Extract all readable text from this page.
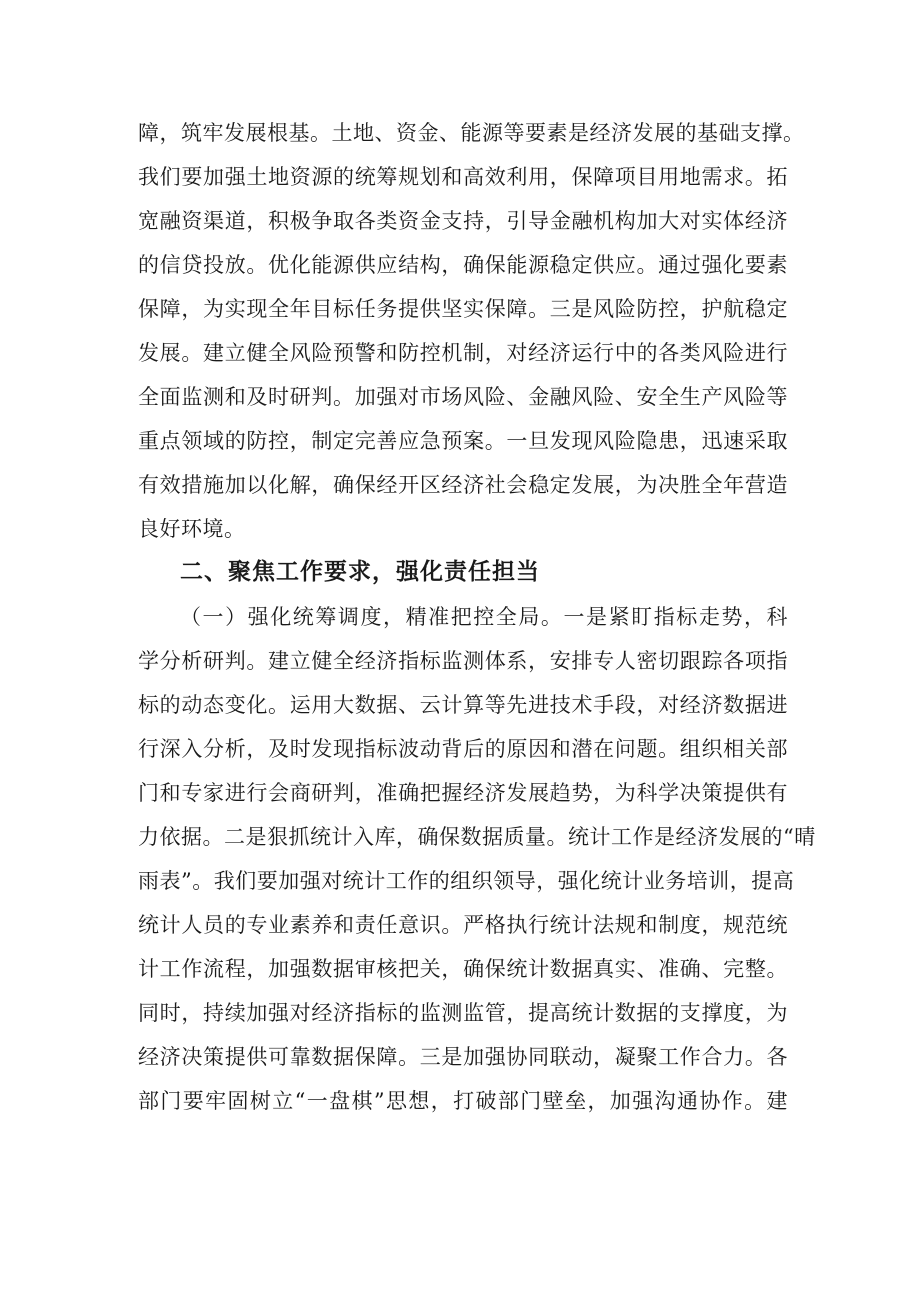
障，筑牢发展根基。土地、资金、能源等要素是经济发展的基础支撑。
我们要加强土地资源的统筹规划和高效利用，保障项目用地需求。拓
宽融资渠道，积极争取各类资金支持，引导金融机构加大对实体经济
的信贷投放。优化能源供应结构，确保能源稳定供应。通过强化要素
保障，为实现全年目标任务提供坚实保障。三是风险防控，护航稳定
发展。建立健全风险预警和防控机制，对经济运行中的各类风险进行
全面监测和及时研判。加强对市场风险、金融风险、安全生产风险等
重点领域的防控，制定完善应急预案。一旦发现风险隐患，迅速采取
有效措施加以化解，确保经开区经济社会稳定发展，为决胜全年营造
良好环境。
二、聚焦工作要求，强化责任担当
（一）强化统筹调度，精准把控全局。一是紧盯指标走势，科
学分析研判。建立健全经济指标监测体系，安排专人密切跟踪各项指
标的动态变化。运用大数据、云计算等先进技术手段，对经济数据进
行深入分析，及时发现指标波动背后的原因和潜在问题。组织相关部
门和专家进行会商研判，准确把握经济发展趋势，为科学决策提供有
力依据。二是狠抓统计入库，确保数据质量。统计工作是经济发展的“晴
雨表”。我们要加强对统计工作的组织领导，强化统计业务培训，提高
统计人员的专业素养和责任意识。严格执行统计法规和制度，规范统
计工作流程，加强数据审核把关，确保统计数据真实、准确、完整。
同时，持续加强对经济指标的监测监管，提高统计数据的支撑度，为
经济决策提供可靠数据保障。三是加强协同联动，凝聚工作合力。各
部门要牢固树立“一盘棋”思想，打破部门壁垒，加强沟通协作。建
